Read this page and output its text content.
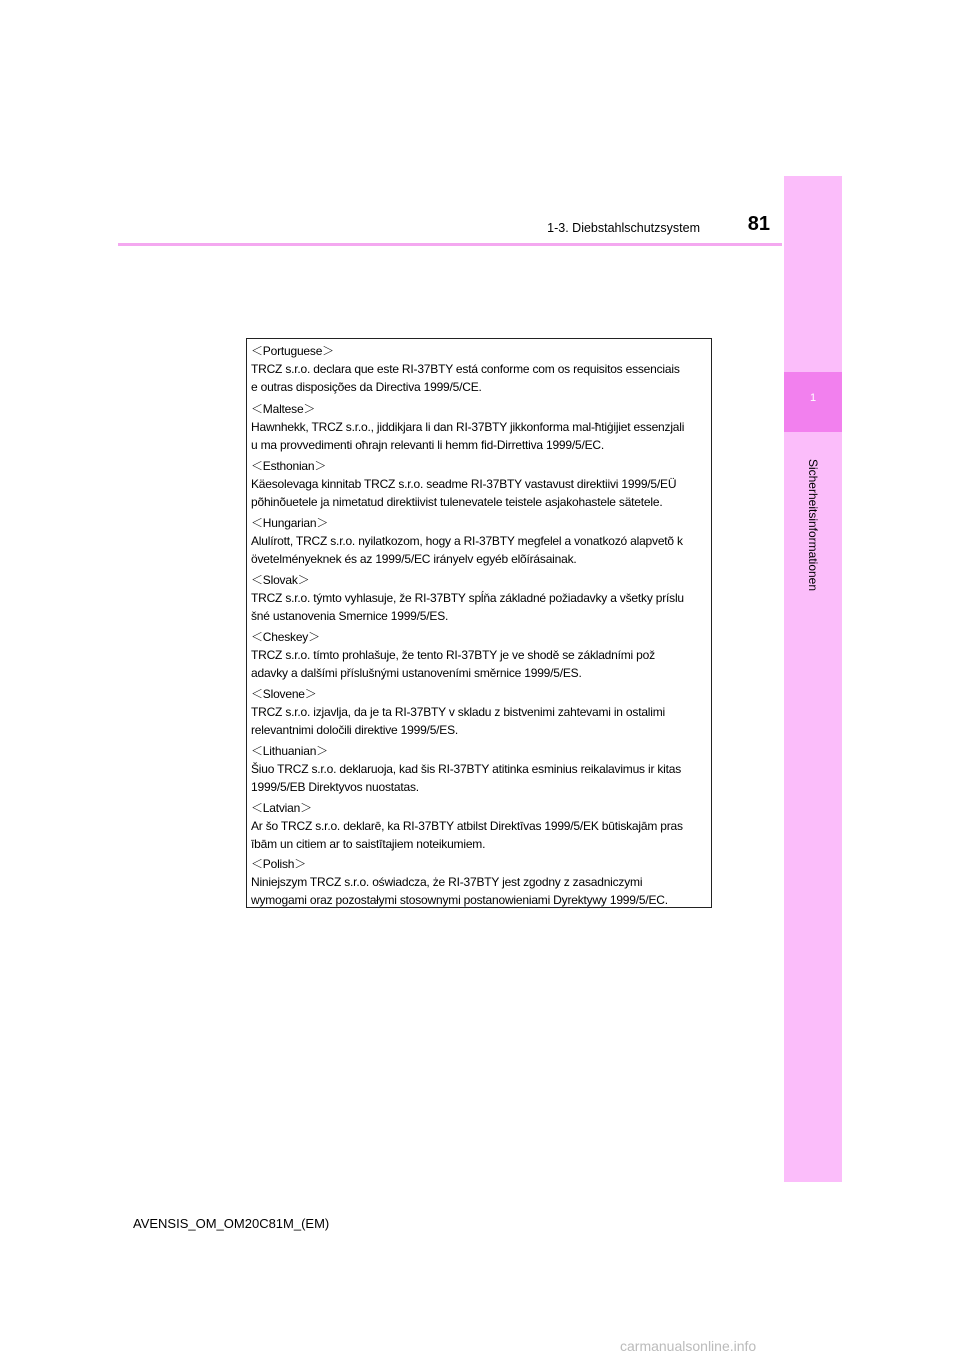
1-3. Diebstahlschutzsystem	81
1
Sicherheitsinformationen
＜Portuguese＞
TRCZ s.r.o. declara que este RI-37BTY está conforme com os requisitos essenciais
e outras disposições da Directiva 1999/5/CE.
＜Maltese＞
Hawnhekk, TRCZ s.r.o., jiddikjara li dan RI-37BTY jikkonforma mal-ħtiġijiet essenzjali
u ma provvedimenti oħrajn relevanti li hemm fid-Dirrettiva 1999/5/EC.
＜Esthonian＞
Käesolevaga kinnitab TRCZ s.r.o. seadme RI-37BTY vastavust direktiivi 1999/5/EÜ
põhinõuetele ja nimetatud direktiivist tulenevatele teistele asjakohastele sätetele.
＜Hungarian＞
Alulírott, TRCZ s.r.o. nyilatkozom, hogy a RI-37BTY megfelel a vonatkozó alapvetõ k
övetelményeknek és az 1999/5/EC irányelv egyéb elõírásainak.
＜Slovak＞
TRCZ s.r.o. týmto vyhlasuje, že RI-37BTY spĺňa základné požiadavky a všetky príslu
šné ustanovenia Smernice 1999/5/ES.
＜Cheskey＞
TRCZ s.r.o. tímto prohlašuje, že tento RI-37BTY je ve shodě se základními pož
adavky a dalšími příslušnými ustanoveními směrnice 1999/5/ES.
＜Slovene＞
TRCZ s.r.o. izjavlja, da je ta RI-37BTY v skladu z bistvenimi zahtevami in ostalimi
relevantnimi določili direktive 1999/5/ES.
＜Lithuanian＞
Šiuo TRCZ s.r.o. deklaruoja, kad šis RI-37BTY atitinka esminius reikalavimus ir kitas
1999/5/EB Direktyvos nuostatas.
＜Latvian＞
Ar šo TRCZ s.r.o. deklarē, ka RI-37BTY atbilst Direktīvas 1999/5/EK būtiskajām pras
ībām un citiem ar to saistītajiem noteikumiem.
＜Polish＞
Niniejszym TRCZ s.r.o. oświadcza, że RI-37BTY jest zgodny z zasadniczymi
wymogami oraz pozostałymi stosownymi postanowieniami Dyrektywy 1999/5/EC.
AVENSIS_OM_OM20C81M_(EM)
carmanualsonline.info
